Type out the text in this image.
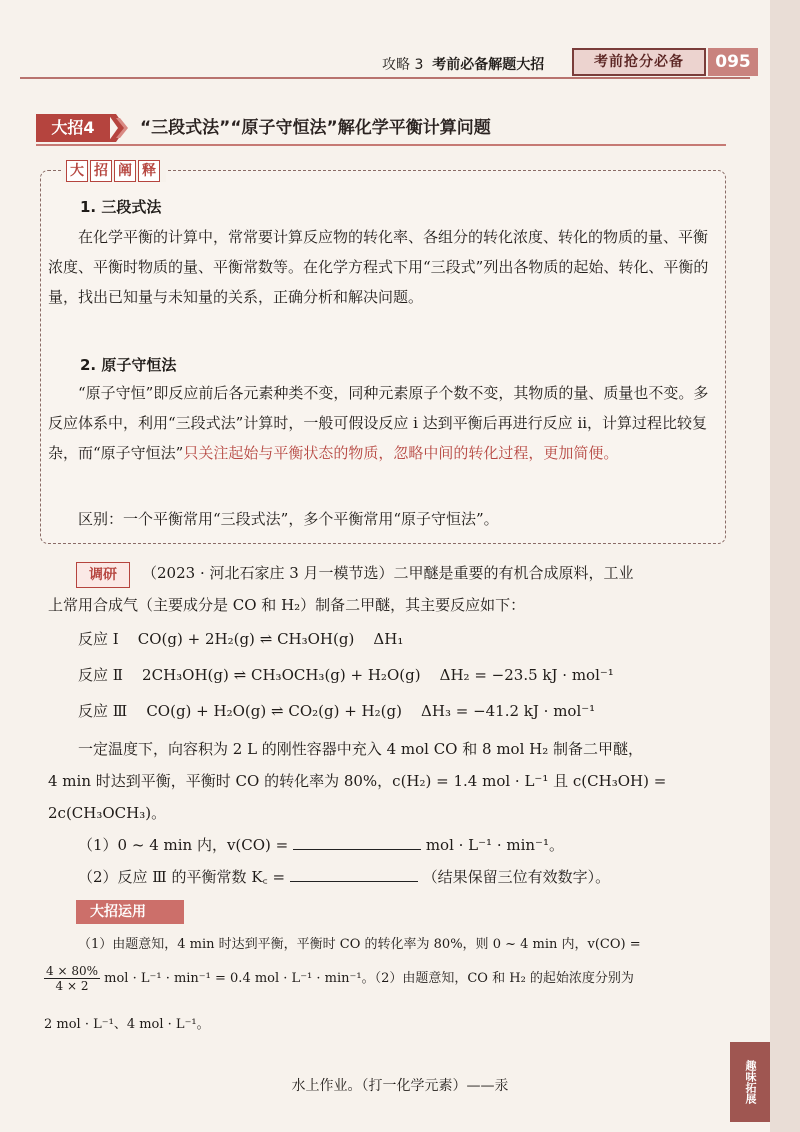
攻略 3 考前必备解题大招	考前抢分必备	095
大招4	“三段式法”“原子守恒法”解化学平衡计算问题
大 招 阐 释
1. 三段式法
在化学平衡的计算中，常常要计算反应物的转化率、各组分的转化浓度、转化的物质的量、平衡浓度、平衡时物质的量、平衡常数等。在化学方程式下用“三段式”列出各物质的起始、转化、平衡的量，找出已知量与未知量的关系，正确分析和解决问题。
2. 原子守恒法
“原子守恒”即反应前后各元素种类不变，同种元素原子个数不变，其物质的量、质量也不变。多反应体系中，利用“三段式法”计算时，一般可假设反应 i 达到平衡后再进行反应 ii，计算过程比较复杂，而“原子守恒法”只关注起始与平衡状态的物质，忽略中间的转化过程，更加简便。
区别：一个平衡常用“三段式法”，多个平衡常用“原子守恒法”。
调研	（2023 · 河北石家庄 3 月一模节选）二甲醚是重要的有机合成原料，工业
上常用合成气（主要成分是 CO 和 H₂）制备二甲醚，其主要反应如下：
反应 Ⅰ CO(g) + 2H₂(g) ⇌ CH₃OH(g) ΔH₁
反应 Ⅱ 2CH₃OH(g) ⇌ CH₃OCH₃(g) + H₂O(g) ΔH₂ = −23.5 kJ · mol⁻¹
反应 Ⅲ CO(g) + H₂O(g) ⇌ CO₂(g) + H₂(g) ΔH₃ = −41.2 kJ · mol⁻¹
一定温度下，向容积为 2 L 的刚性容器中充入 4 mol CO 和 8 mol H₂ 制备二甲醚，
4 min 时达到平衡，平衡时 CO 的转化率为 80%，c(H₂) = 1.4 mol · L⁻¹ 且 c(CH₃OH) =
2c(CH₃OCH₃)。
（1）0 ~ 4 min 内，v(CO) =	mol · L⁻¹ · min⁻¹。
（2）反应 Ⅲ 的平衡常数 K꜀ =	（结果保留三位有效数字）。
大招运用
（1）由题意知，4 min 时达到平衡，平衡时 CO 的转化率为 80%，则 0 ~ 4 min 内，v(CO) =
$\frac{4 \times 80\%}{4 \times 2}$ mol · L⁻¹ · min⁻¹ = 0.4 mol · L⁻¹ · min⁻¹。（2）由题意知，CO 和 H₂ 的起始浓度分别为
2 mol · L⁻¹、4 mol · L⁻¹。
水上作业。（打一化学元素）——汞	趣味拓展
